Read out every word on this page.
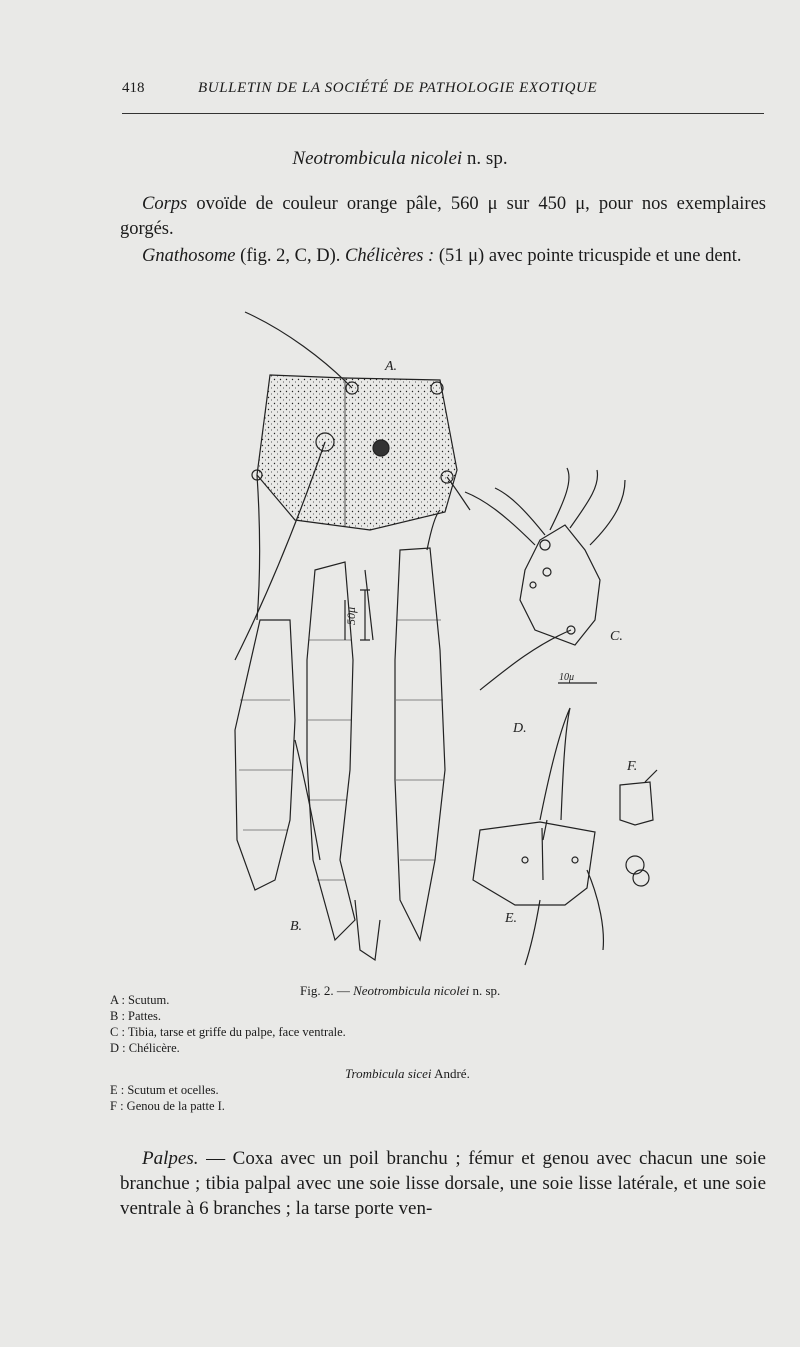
418	BULLETIN DE LA SOCIÉTÉ DE PATHOLOGIE EXOTIQUE
Neotrombicula nicolei n. sp.
Corps ovoïde de couleur orange pâle, 560 μ sur 450 μ, pour nos exemplaires gorgés.
Gnathosome (fig. 2, C, D). Chélicères : (51 μ) avec pointe tricuspide et une dent.
A.
B.
C.
D.
E.
F.
50μ
10μ
Fig. 2. — Neotrombicula nicolei n. sp.
A : Scutum.
B : Pattes.
C : Tibia, tarse et griffe du palpe, face ventrale.
D : Chélicère.
Trombicula sicei André.
E : Scutum et ocelles.
F : Genou de la patte I.
Palpes. — Coxa avec un poil branchu ; fémur et genou avec chacun une soie branchue ; tibia palpal avec une soie lisse dorsale, une soie lisse latérale, et une soie ventrale à 6 branches ; la tarse porte ven-
